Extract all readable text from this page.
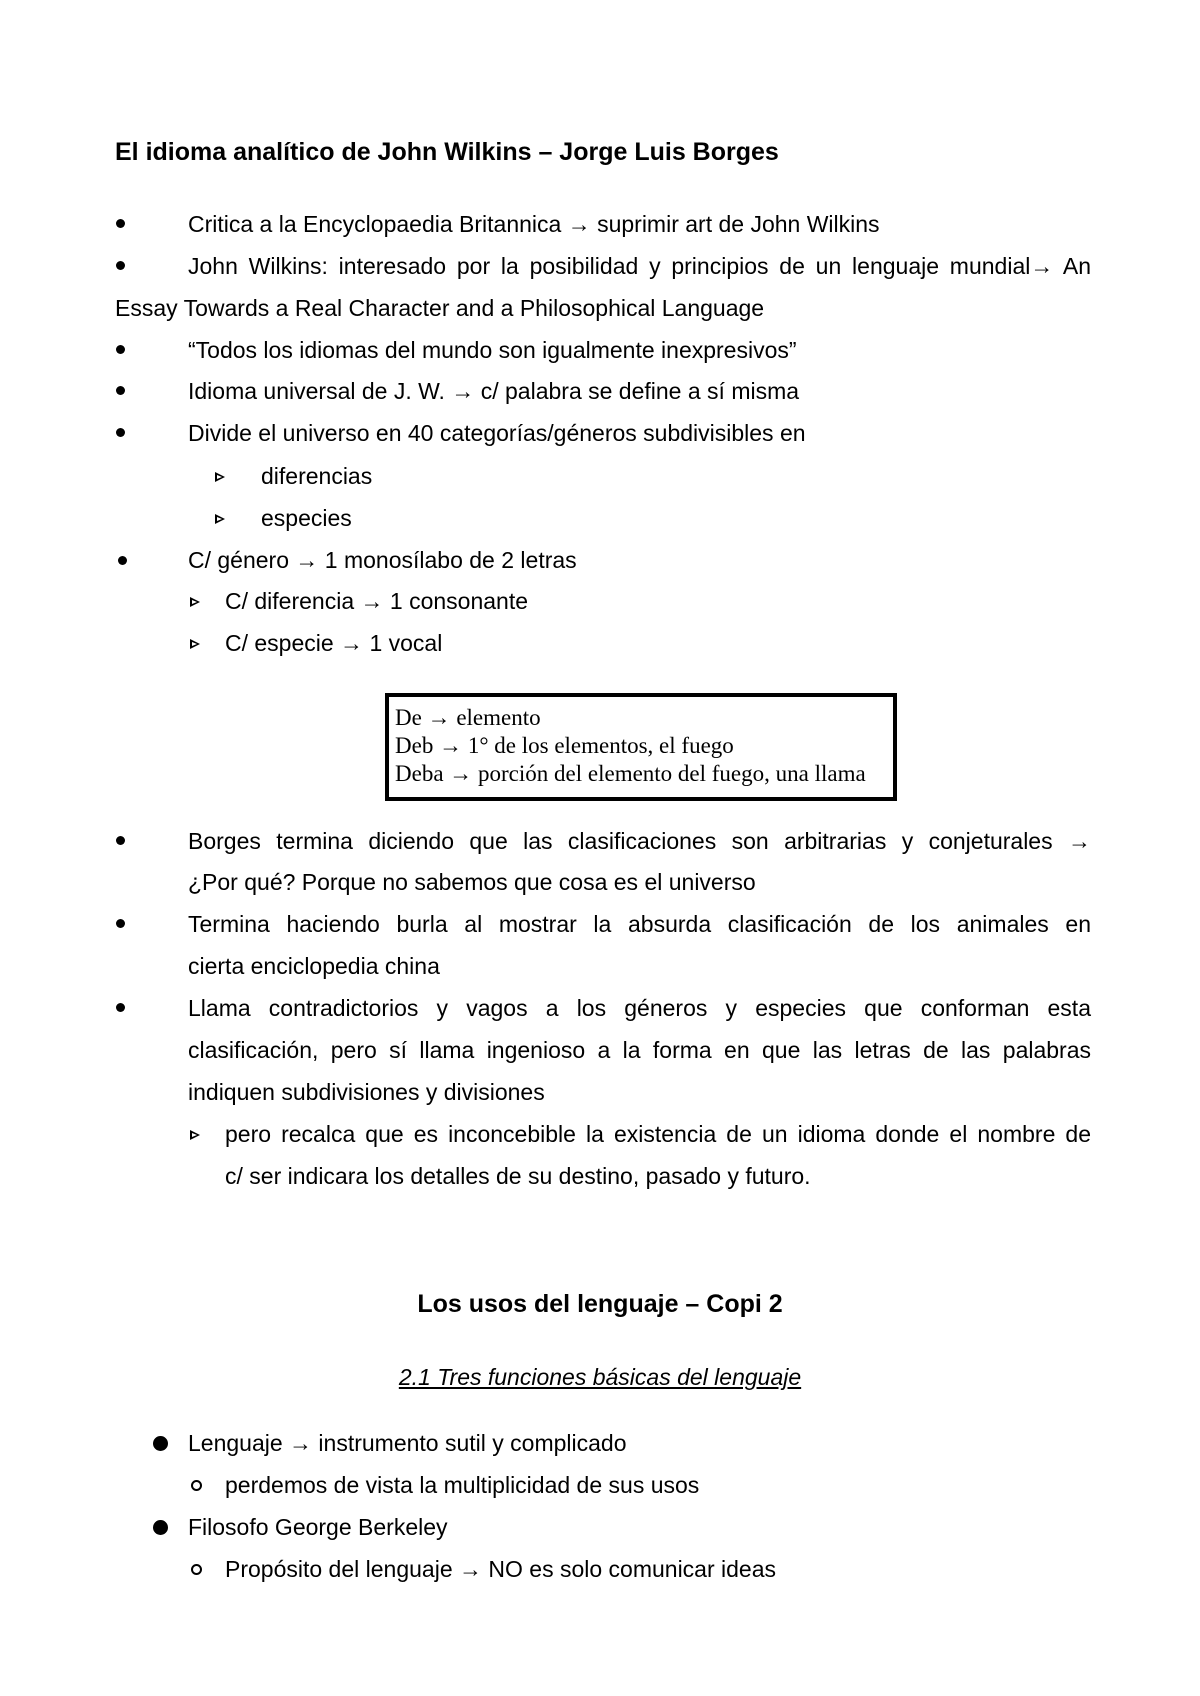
El idioma analítico de John Wilkins – Jorge Luis Borges
Critica a la Encyclopaedia Britannica → suprimir art de John Wilkins
John Wilkins: interesado por la posibilidad y principios de un lenguaje mundial→ An
Essay Towards a Real Character and a Philosophical Language
“Todos los idiomas del mundo son igualmente inexpresivos”
Idioma universal de J. W. → c/ palabra se define a sí misma
Divide el universo en 40 categorías/géneros subdivisibles en
diferencias
especies
C/ género → 1 monosílabo de 2 letras
C/ diferencia → 1 consonante
C/ especie → 1 vocal
De → elemento
Deb → 1° de los elementos, el fuego
Deba → porción del elemento del fuego, una llama
Borges termina diciendo que las clasificaciones son arbitrarias y conjeturales →
¿Por qué? Porque no sabemos que cosa es el universo
Termina haciendo burla al mostrar la absurda clasificación de los animales en
cierta enciclopedia china
Llama contradictorios y vagos a los géneros y especies que conforman esta
clasificación, pero sí llama ingenioso a la forma en que las letras de las palabras
indiquen subdivisiones y divisiones
pero recalca que es inconcebible la existencia de un idioma donde el nombre de
c/ ser indicara los detalles de su destino, pasado y futuro.
Los usos del lenguaje – Copi 2
2.1 Tres funciones básicas del lenguaje
Lenguaje → instrumento sutil y complicado
perdemos de vista la multiplicidad de sus usos
Filosofo George Berkeley
Propósito del lenguaje → NO es solo comunicar ideas
